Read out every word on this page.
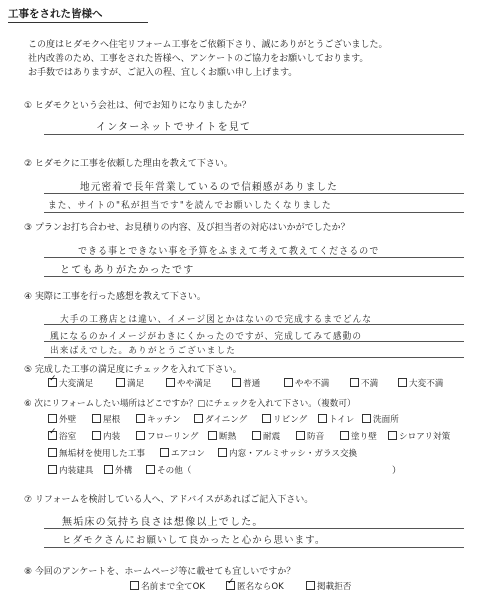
工事をされた皆様へ
この度はヒダモクへ住宅リフォーム工事をご依頼下さり、誠にありがとうございました。
社内改善のため、工事をされた皆様へ、アンケートのご協力をお願いしております。
お手数ではありますが、ご記入の程、宜しくお願い申し上げます。
① ヒダモクという会社は、何でお知りになりましたか？
インターネットでサイトを見て
② ヒダモクに工事を依頼した理由を教えて下さい。
地元密着で長年営業しているので信頼感がありました
また、サイトの"私が担当です"を読んでお願いしたくなりました
③ プランお打ち合わせ、お見積りの内容、及び担当者の対応はいかがでしたか？
できる事とできない事を予算をふまえて考えて教えてくださるので
とてもありがたかったです
④ 実際に工事を行った感想を教えて下さい。
大手の工務店とは違い、イメージ図とかはないので完成するまでどんな
風になるのかイメージがわきにくかったのですが、完成してみて感動の
出来ばえでした。ありがとうございました
⑤ 完成した工事の満足度にチェックを入れて下さい。
✓大変満足	満足	やや満足	普通	やや不満	不満	大変不満
⑥ 次にリフォームしたい場所はどこですか？□にチェックを入れて下さい。（複数可）
外壁	屋根	キッチン	ダイニング	リビング	トイレ	洗面所
✓浴室	内装	フローリング	断熱	耐震	防音	塗り壁	シロアリ対策
無垢材を使用した工事	エアコン	内窓・アルミサッシ・ガラス交換
内装建具	外構	その他（	）
⑦ リフォームを検討している人へ、アドバイスがあればご記入下さい。
無垢床の気持ち良さは想像以上でした。
ヒダモクさんにお願いして良かったと心から思います。
⑧ 今回のアンケートを、ホームページ等に載せても宜しいですか？
名前まで全てOK
✓	匿名ならOK	掲載拒否
